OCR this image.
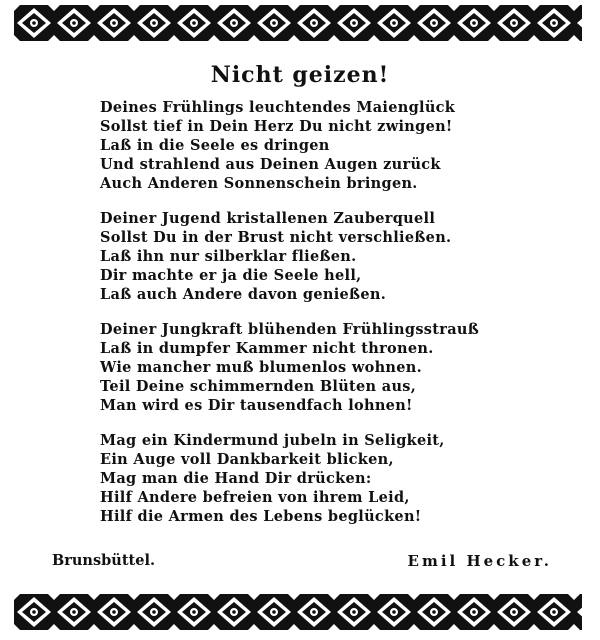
Nicht geizen!
Deines Frühlings leuchtendes Maienglück
Sollst tief in Dein Herz Du nicht zwingen!
Laß in die Seele es dringen
Und strahlend aus Deinen Augen zurück
Auch Anderen Sonnenschein bringen.
Deiner Jugend kristallenen Zauberquell
Sollst Du in der Brust nicht verschließen.
Laß ihn nur silberklar fließen.
Dir machte er ja die Seele hell,
Laß auch Andere davon genießen.
Deiner Jungkraft blühenden Frühlingsstrauß
Laß in dumpfer Kammer nicht thronen.
Wie mancher muß blumenlos wohnen.
Teil Deine schimmernden Blüten aus,
Man wird es Dir tausendfach lohnen!
Mag ein Kindermund jubeln in Seligkeit,
Ein Auge voll Dankbarkeit blicken,
Mag man die Hand Dir drücken:
Hilf Andere befreien von ihrem Leid,
Hilf die Armen des Lebens beglücken!
Brunsbüttel.	Emil Hecker.
